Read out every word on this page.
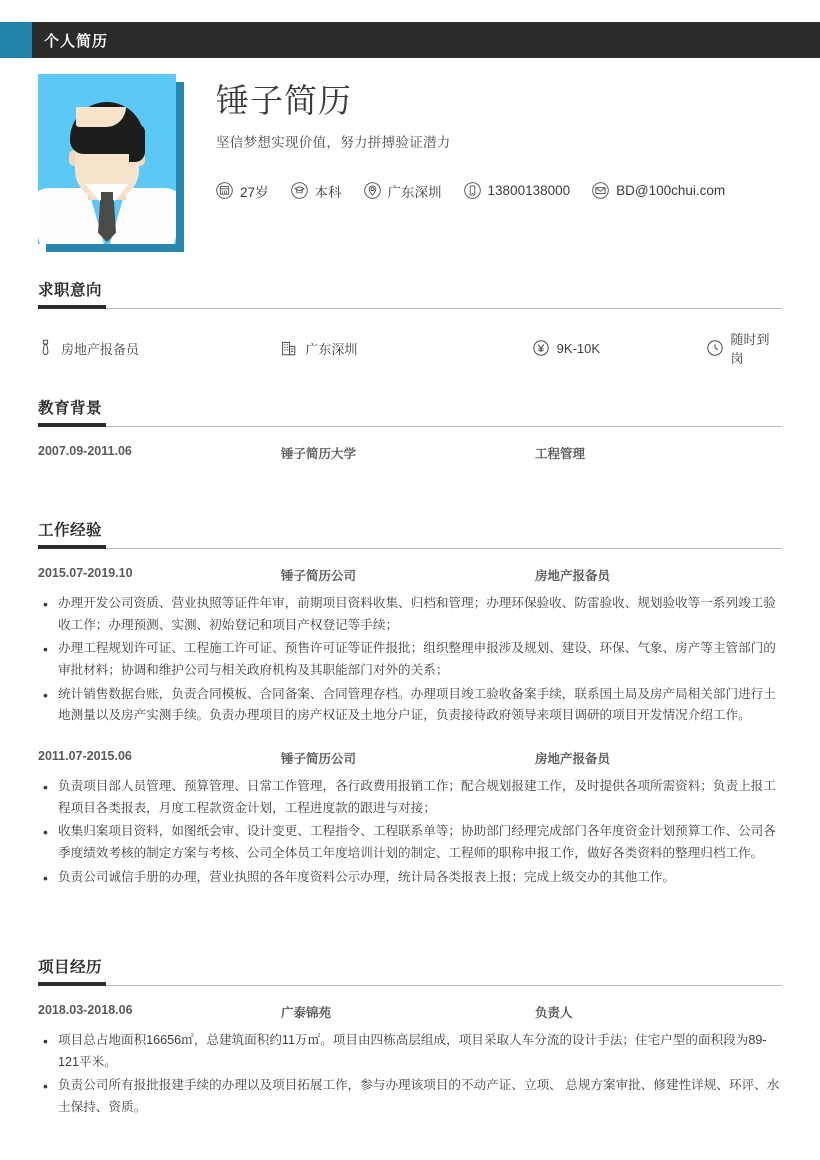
个人简历
锤子简历
坚信梦想实现价值，努力拼搏验证潜力
27岁	本科	广东深圳	13800138000	BD@100chui.com
求职意向
房地产报备员	广东深圳	9K-10K
随时到岗
教育背景
2007.09-2011.06	锤子简历大学	工程管理
工作经验
2015.07-2019.10	锤子简历公司	房地产报备员
• 办理开发公司资质、营业执照等证件年审，前期项目资料收集、归档和管理；办理环保验收、防雷验收、规划验收等一系列竣工验收工作；办理预测、实测、初始登记和项目产权登记等手续；
• 办理工程规划许可证、工程施工许可证、预售许可证等证件报批；组织整理申报涉及规划、建设、环保、气象、房产等主管部门的审批材料；协调和维护公司与相关政府机构及其职能部门对外的关系；
• 统计销售数据台账，负责合同模板、合同备案、合同管理存档。办理项目竣工验收备案手续，联系国土局及房产局相关部门进行土地测量以及房产实测手续。负责办理项目的房产权证及土地分户证，负责接待政府领导来项目调研的项目开发情况介绍工作。
2011.07-2015.06	锤子简历公司	房地产报备员
• 负责项目部人员管理、预算管理、日常工作管理，各行政费用报销工作；配合规划报建工作，及时提供各项所需资料；负责上报工程项目各类报表，月度工程款资金计划，工程进度款的跟进与对接；
• 收集归案项目资料，如图纸会审、设计变更、工程指令、工程联系单等；协助部门经理完成部门各年度资金计划预算工作、公司各季度绩效考核的制定方案与考核、公司全体员工年度培训计划的制定、工程师的职称申报工作，做好各类资料的整理归档工作。
• 负责公司诚信手册的办理，营业执照的各年度资料公示办理，统计局各类报表上报；完成上级交办的其他工作。
项目经历
2018.03-2018.06	广泰锦苑	负责人
• 项目总占地面积16656㎡，总建筑面积约11万㎡。项目由四栋高层组成，项目采取人车分流的设计手法；住宅户型的面积段为89-121平米。
• 负责公司所有报批报建手续的办理以及项目拓展工作，参与办理该项目的不动产证、立项、 总规方案审批、修建性详规、环评、水土保持、资质。
